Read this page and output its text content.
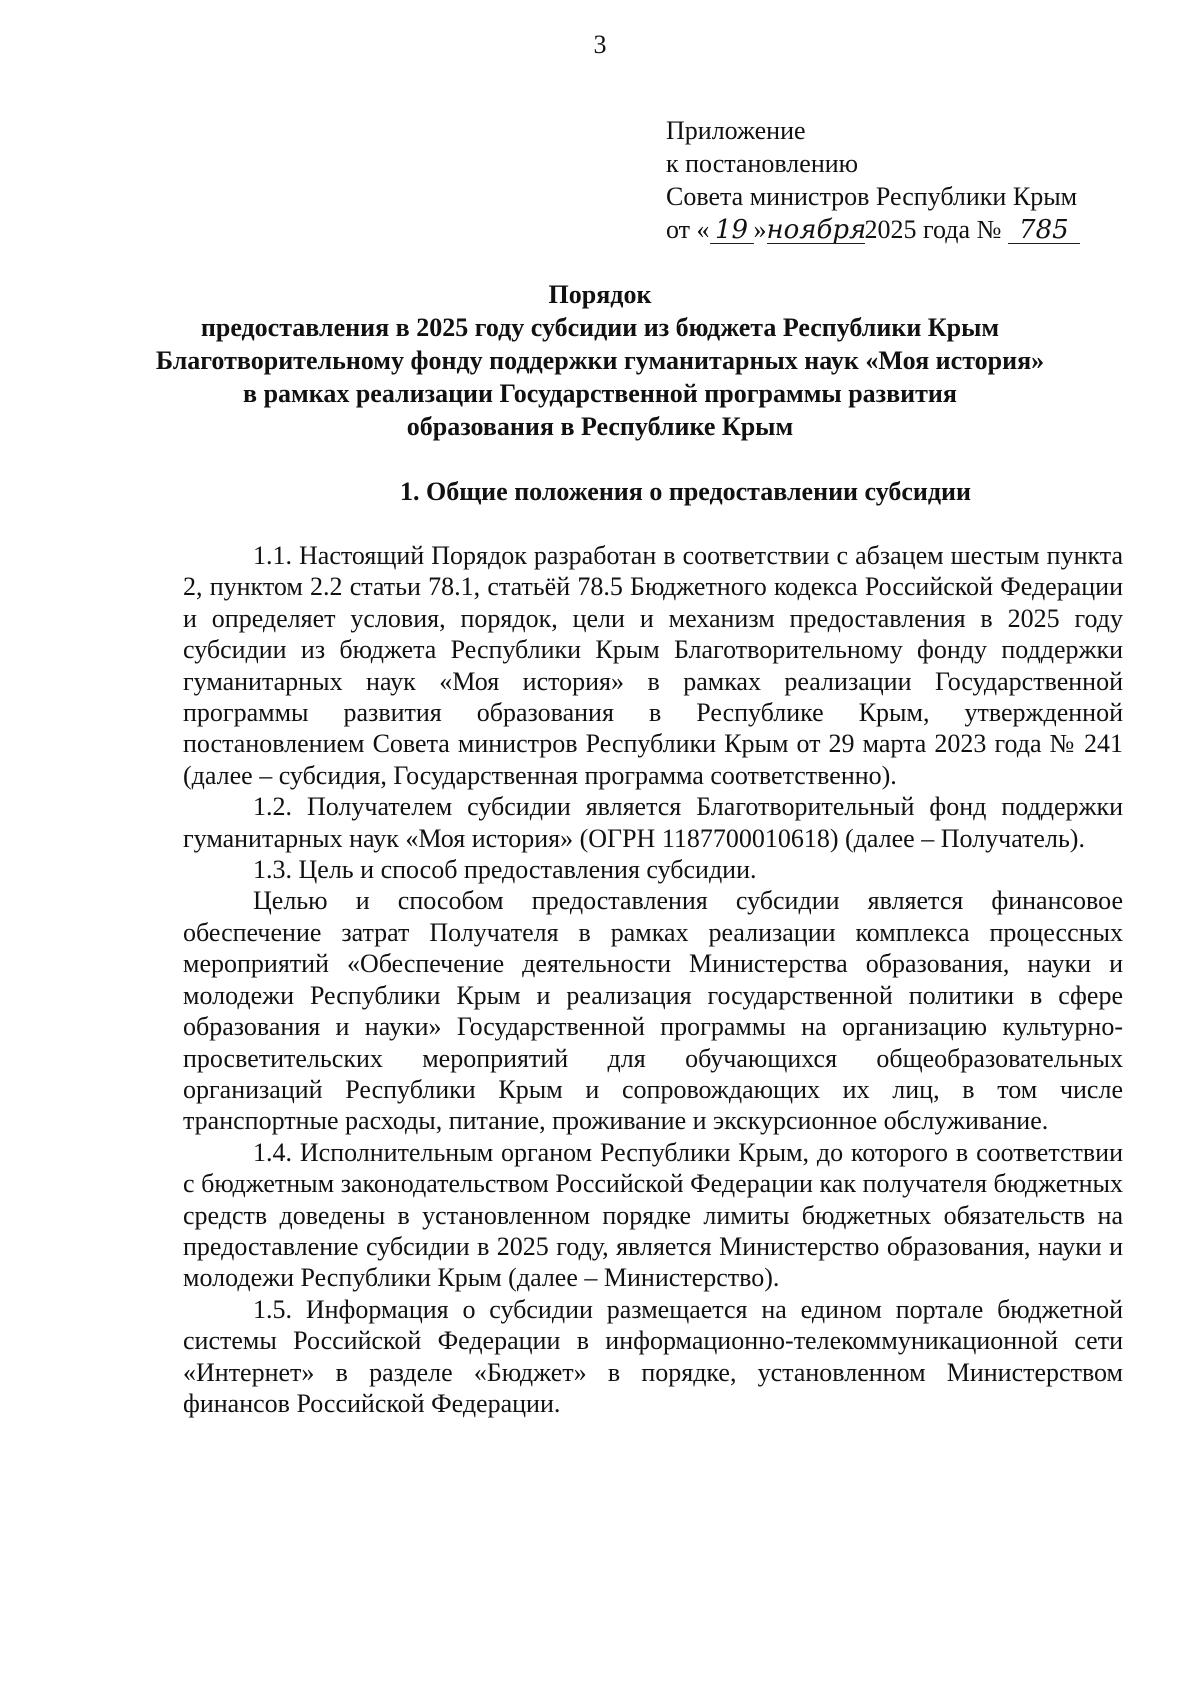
3
Приложение
к постановлению
Совета министров Республики Крым
от « 19 »ноября2025 года № 785
Порядок
предоставления в 2025 году субсидии из бюджета Республики Крым
Благотворительному фонду поддержки гуманитарных наук «Моя история»
в рамках реализации Государственной программы развития
образования в Республике Крым
1. Общие положения о предоставлении субсидии

1.1. Настоящий Порядок разработан в соответствии с абзацем шестым пункта 2, пунктом 2.2 статьи 78.1, статьёй 78.5 Бюджетного кодекса Российской Федерации и определяет условия, порядок, цели и механизм предоставления в 2025 году субсидии из бюджета Республики Крым Благотворительному фонду поддержки гуманитарных наук «Моя история» в рамках реализации Государственной программы развития образования в Республике Крым, утвержденной постановлением Совета министров Республики Крым от 29 марта 2023 года № 241 (далее – субсидия, Государственная программа соответственно).

1.2. Получателем субсидии является Благотворительный фонд поддержки гуманитарных наук «Моя история» (ОГРН 1187700010618) (далее – Получатель).

1.3. Цель и способ предоставления субсидии.

Целью и способом предоставления субсидии является финансовое обеспечение затрат Получателя в рамках реализации комплекса процессных мероприятий «Обеспечение деятельности Министерства образования, науки и молодежи Республики Крым и реализация государственной политики в сфере образования и науки» Государственной программы на организацию культурно-просветительских мероприятий для обучающихся общеобразовательных организаций Республики Крым и сопровождающих их лиц, в том числе транспортные расходы, питание, проживание и экскурсионное обслуживание.

1.4. Исполнительным органом Республики Крым, до которого в соответствии с бюджетным законодательством Российской Федерации как получателя бюджетных средств доведены в установленном порядке лимиты бюджетных обязательств на предоставление субсидии в 2025 году, является Министерство образования, науки и молодежи Республики Крым (далее – Министерство).

1.5. Информация о субсидии размещается на едином портале бюджетной системы Российской Федерации в информационно-телекоммуникационной сети «Интернет» в разделе «Бюджет» в порядке, установленном Министерством финансов Российской Федерации.
